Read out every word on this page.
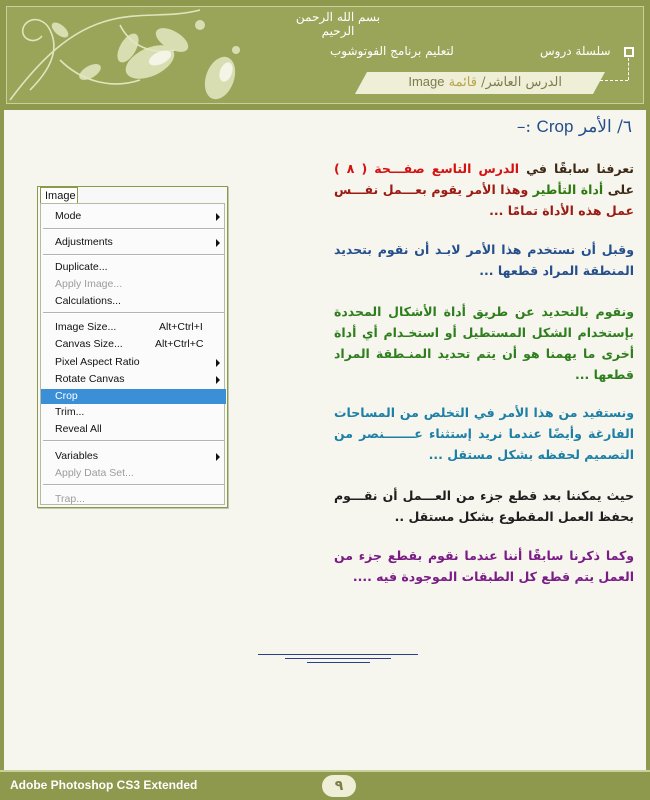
بسم الله الرحمن الرحيم
سلسلة دروس
لتعليم برنامج الفوتوشوب
الدرس العاشر/ قائمة Image
٦/ الأمر Crop :–
تعرفنا سابقًا في الدرس التاسع صفـــحة ( ٨ ) على أداة التأطير وهذا الأمر يقوم بعـــمل نفـــس عمل هذه الأداة تمامًا ...
وقبل أن نستخدم هذا الأمر لابـد أن نقوم بتحديد المنطقة المراد قطعها ...
ونقوم بالتحديد عن طريق أداة الأشكال المحددة بإستخدام الشكل المستطيل أو استخـدام أي أداة أخرى ما يهمنا هو أن يتم تحديد المنـطقة المراد قطعها ...
ونستفيد من هذا الأمر في التخلص من المساحات الفارغة وأيضًا عندما نريد إستثناء عـــــــنصر من التصميم لحفظه بشكل مستقل ...
حيث يمكننا بعد قطع جزء من العـــمل أن نقـــوم بحفظ العمل المقطوع بشكل مستقل ..
وكما ذكرنا سابقًا أننا عندما نقوم بقطع جزء من العمل يتم قطع كل الطبقات الموجودة فيه ....
Image
Mode
Adjustments
Duplicate...
Apply Image...
Calculations...
Image Size...	Alt+Ctrl+I
Canvas Size...	Alt+Ctrl+C
Pixel Aspect Ratio
Rotate Canvas
Crop
Trim...
Reveal All
Variables
Apply Data Set...
Trap...
Adobe Photoshop CS3 Extended	٩
